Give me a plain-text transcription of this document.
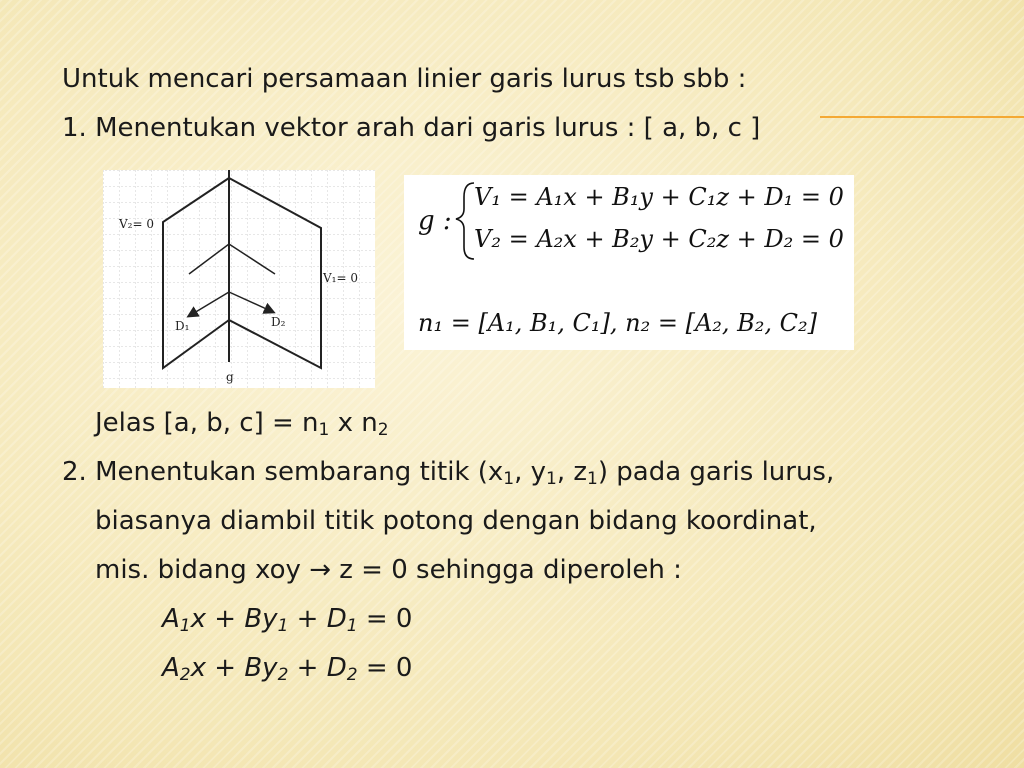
Untuk mencari persamaan linier garis lurus tsb sbb :
1. Menentukan vektor arah dari garis lurus : [ a, b, c ]
V₂= 0
V₁= 0
D₁	D₂
g
g :
V₁ = A₁x + B₁y + C₁z + D₁ = 0
V₂ = A₂x + B₂y + C₂z + D₂ = 0
n₁ = [A₁, B₁, C₁], n₂ = [A₂, B₂, C₂]
Jelas [a, b, $c] = n_1$ x $n_2$
2. Menentukan sembarang titik ($x_1$, $y_1$, $z_1$) pada garis lurus,
biasanya diambil titik potong dengan bidang koordinat,
mis. bidang xoy → z = 0 sehingga diperoleh :
$A_1x + By_1 + D_1 = 0$
$A_2x + By_2 + D_2 = 0$
